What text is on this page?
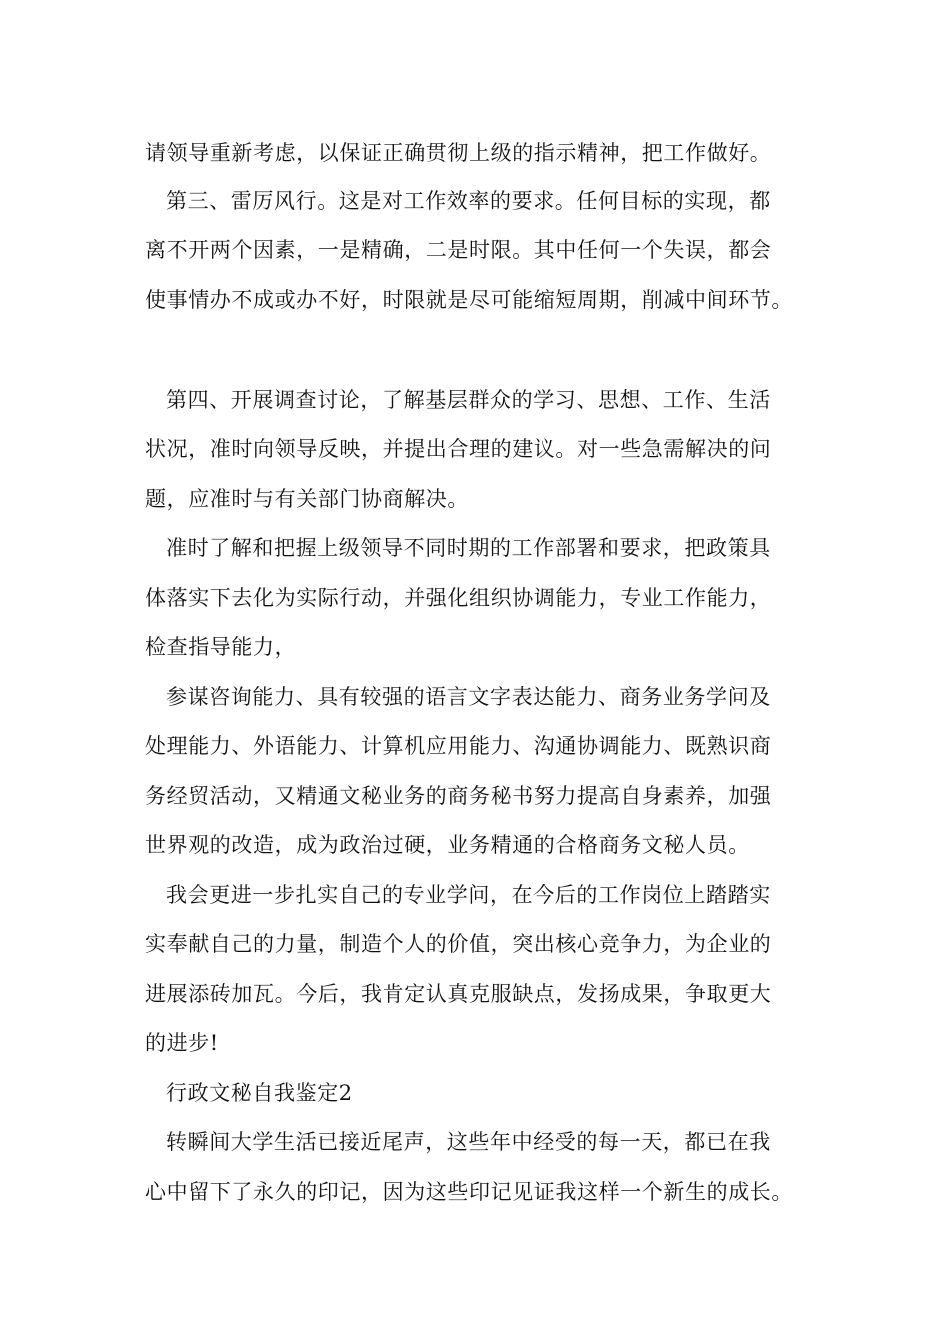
请领导重新考虑，以保证正确贯彻上级的指示精神，把工作做好。
第三、雷厉风行。这是对工作效率的要求。任何目标的实现，都
离不开两个因素，一是精确，二是时限。其中任何一个失误，都会
使事情办不成或办不好，时限就是尽可能缩短周期，削减中间环节。
第四、开展调查讨论，了解基层群众的学习、思想、工作、生活
状况，准时向领导反映，并提出合理的建议。对一些急需解决的问
题，应准时与有关部门协商解决。
准时了解和把握上级领导不同时期的工作部署和要求，把政策具
体落实下去化为实际行动，并强化组织协调能力，专业工作能力，
检查指导能力，
参谋咨询能力、具有较强的语言文字表达能力、商务业务学问及
处理能力、外语能力、计算机应用能力、沟通协调能力、既熟识商
务经贸活动，又精通文秘业务的商务秘书努力提高自身素养，加强
世界观的改造，成为政治过硬，业务精通的合格商务文秘人员。
我会更进一步扎实自己的专业学问，在今后的工作岗位上踏踏实
实奉献自己的力量，制造个人的价值，突出核心竞争力，为企业的
进展添砖加瓦。今后，我肯定认真克服缺点，发扬成果，争取更大
的进步!
行政文秘自我鉴定2
转瞬间大学生活已接近尾声，这些年中经受的每一天，都已在我
心中留下了永久的印记，因为这些印记见证我这样一个新生的成长。
